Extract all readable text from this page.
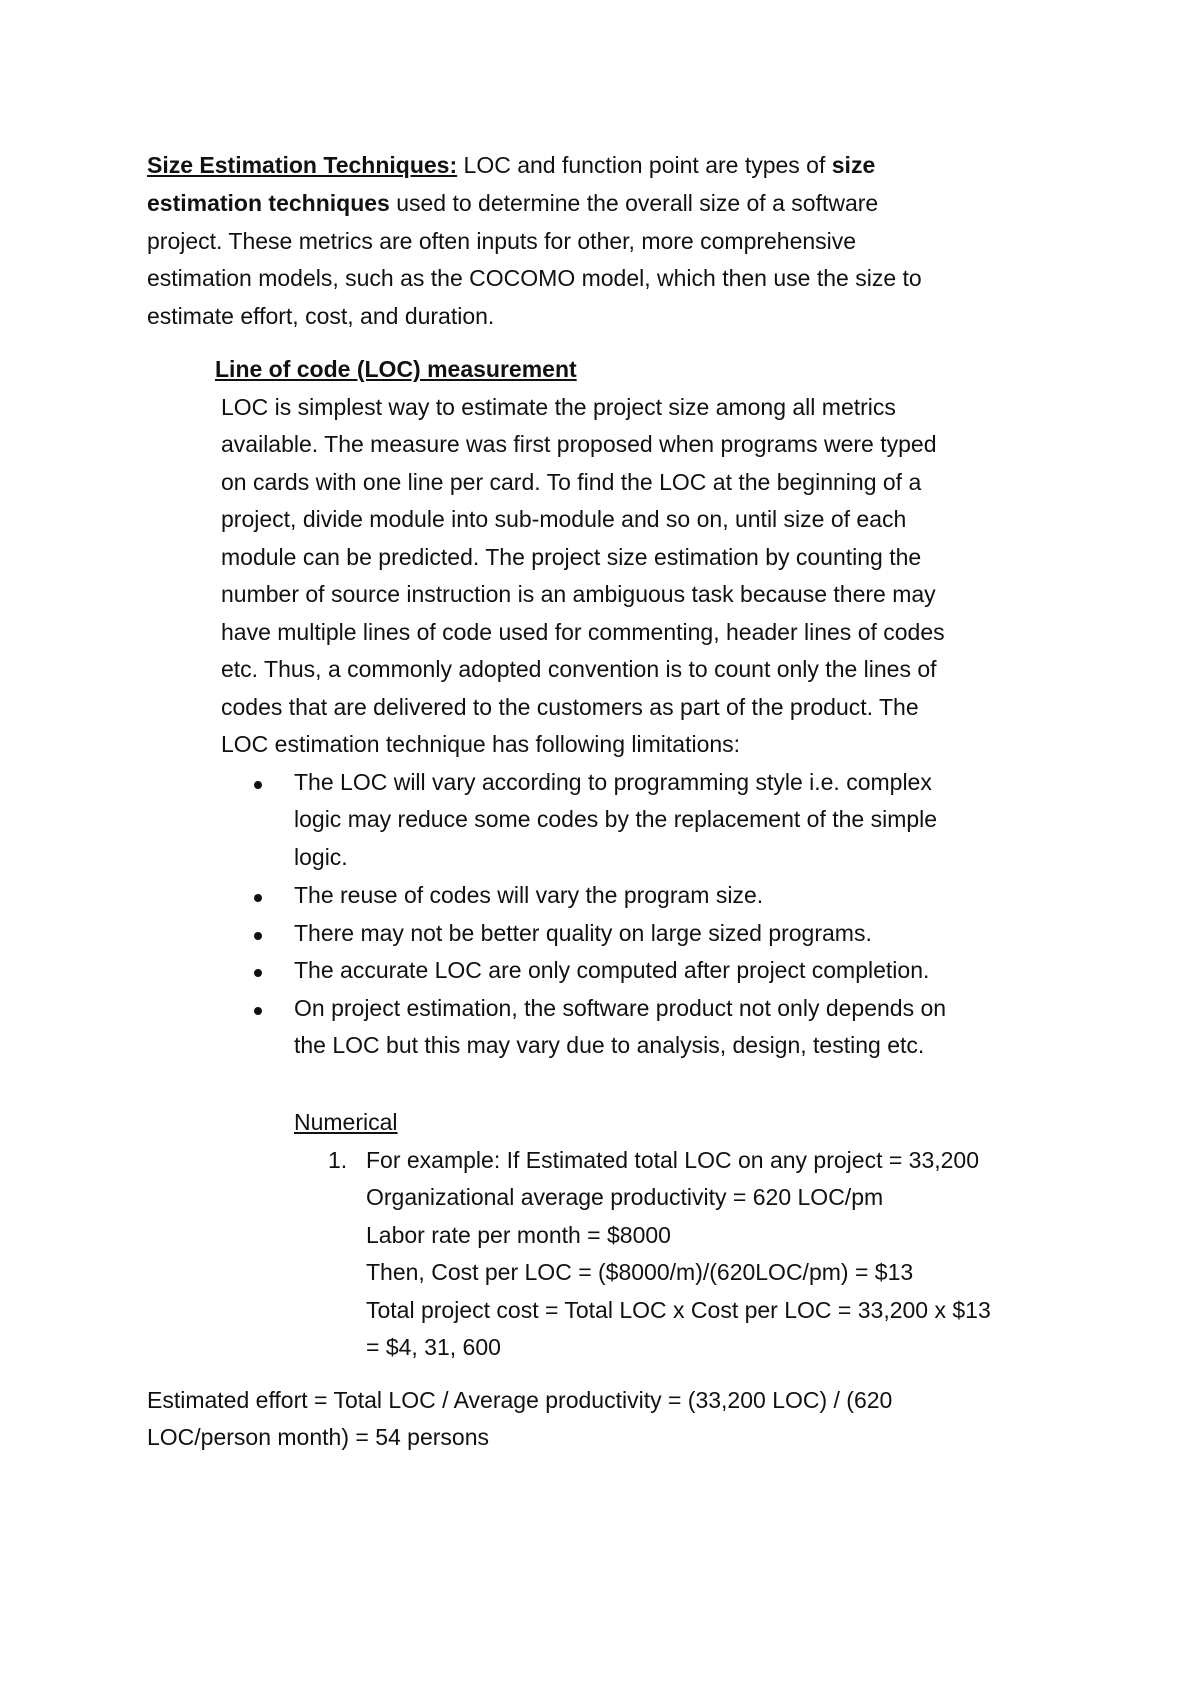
Size Estimation Techniques: LOC and function point are types of size
estimation techniques used to determine the overall size of a software
project. These metrics are often inputs for other, more comprehensive
estimation models, such as the COCOMO model, which then use the size to
estimate effort, cost, and duration.
Line of code (LOC) measurement
LOC is simplest way to estimate the project size among all metrics
available. The measure was first proposed when programs were typed
on cards with one line per card. To find the LOC at the beginning of a
project, divide module into sub-module and so on, until size of each
module can be predicted. The project size estimation by counting the
number of source instruction is an ambiguous task because there may
have multiple lines of code used for commenting, header lines of codes
etc. Thus, a commonly adopted convention is to count only the lines of
codes that are delivered to the customers as part of the product. The
LOC estimation technique has following limitations:
The LOC will vary according to programming style i.e. complex
logic may reduce some codes by the replacement of the simple
logic.
The reuse of codes will vary the program size.
There may not be better quality on large sized programs.
The accurate LOC are only computed after project completion.
On project estimation, the software product not only depends on
the LOC but this may vary due to analysis, design, testing etc.
Numerical
1. For example: If Estimated total LOC on any project = 33,200
Organizational average productivity = 620 LOC/pm
Labor rate per month = $8000
Then, Cost per LOC = ($8000/m)/(620LOC/pm) = $13
Total project cost = Total LOC x Cost per LOC = 33,200 x $13
= $4, 31, 600
Estimated effort = Total LOC / Average productivity = (33,200 LOC) / (620
LOC/person month) = 54 persons
